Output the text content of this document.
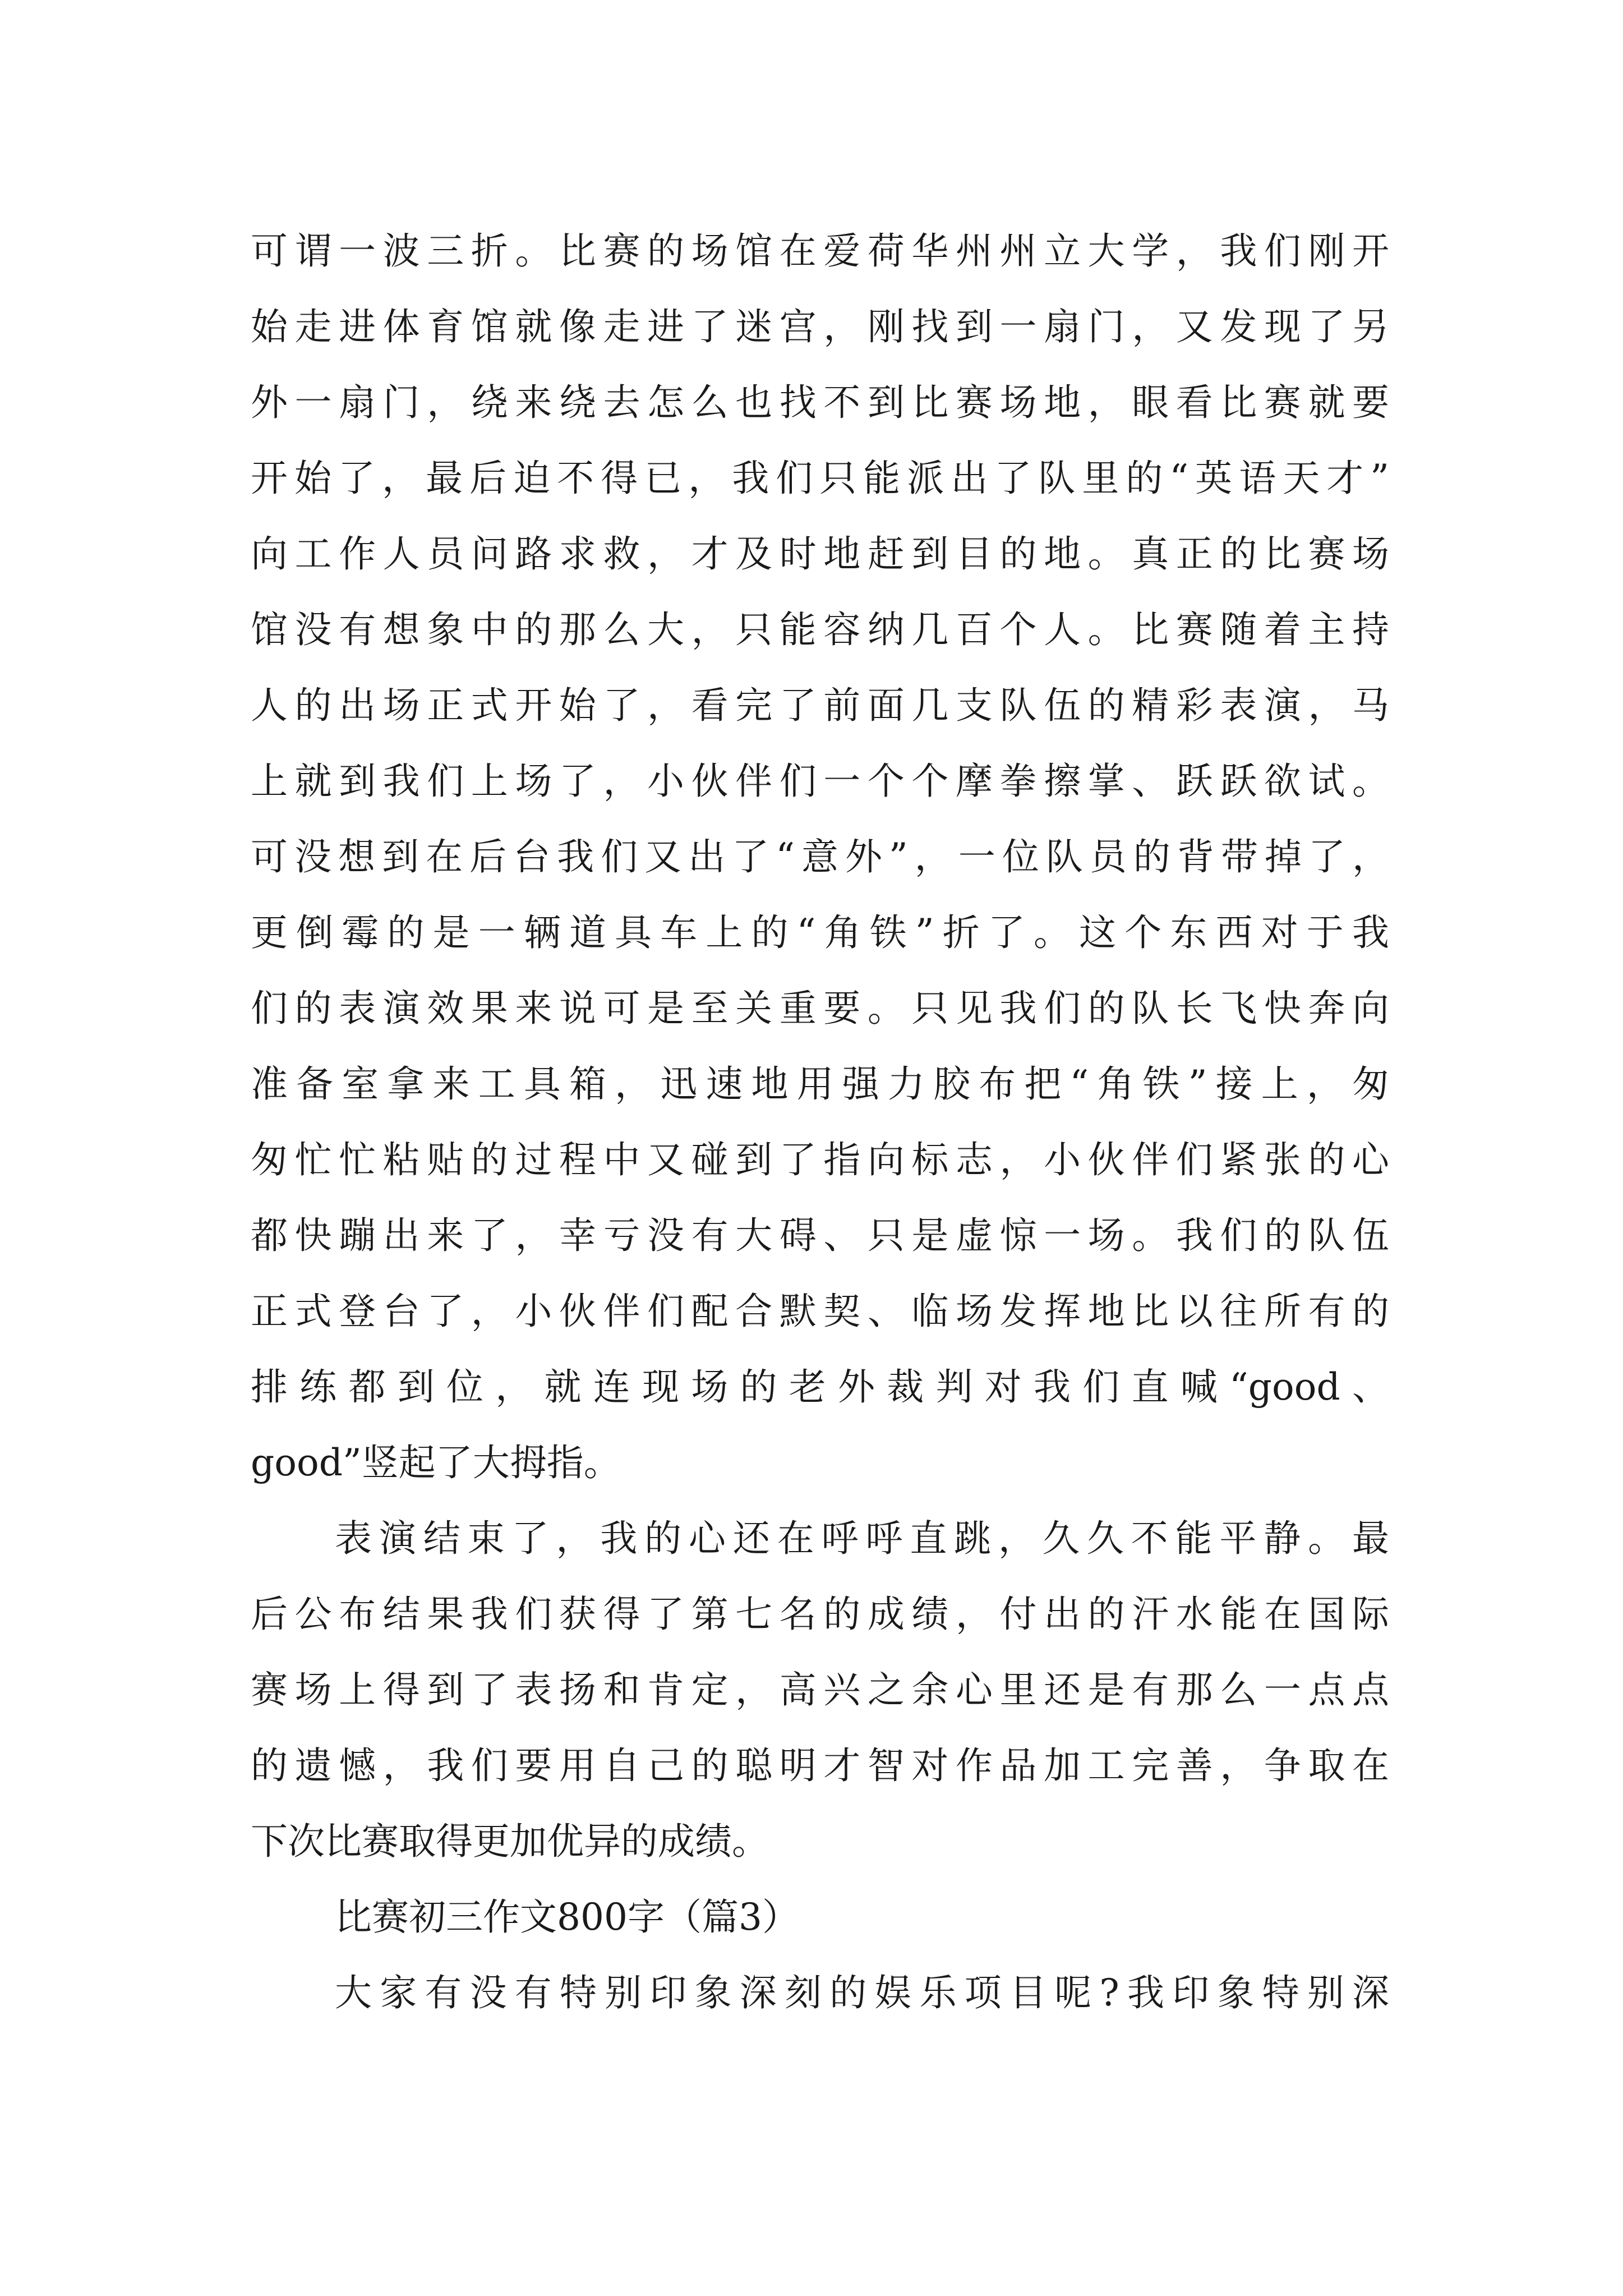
可谓一波三折。比赛的场馆在爱荷华州州立大学，我们刚开
始走进体育馆就像走进了迷宫，刚找到一扇门，又发现了另
外一扇门，绕来绕去怎么也找不到比赛场地，眼看比赛就要
开始了，最后迫不得已，我们只能派出了队里的“英语天才”
向工作人员问路求救，才及时地赶到目的地。真正的比赛场
馆没有想象中的那么大，只能容纳几百个人。比赛随着主持
人的出场正式开始了，看完了前面几支队伍的精彩表演，马
上就到我们上场了，小伙伴们一个个摩拳擦掌、跃跃欲试。
可没想到在后台我们又出了“意外”，一位队员的背带掉了，
更倒霉的是一辆道具车上的“角铁”折了。这个东西对于我
们的表演效果来说可是至关重要。只见我们的队长飞快奔向
准备室拿来工具箱，迅速地用强力胶布把“角铁”接上，匆
匆忙忙粘贴的过程中又碰到了指向标志，小伙伴们紧张的心
都快蹦出来了，幸亏没有大碍、只是虚惊一场。我们的队伍
正式登台了，小伙伴们配合默契、临场发挥地比以往所有的
排练都到位，就连现场的老外裁判对我们直喊“good、
good”竖起了大拇指。
表演结束了，我的心还在呼呼直跳，久久不能平静。最
后公布结果我们获得了第七名的成绩，付出的汗水能在国际
赛场上得到了表扬和肯定，高兴之余心里还是有那么一点点
的遗憾，我们要用自己的聪明才智对作品加工完善，争取在
下次比赛取得更加优异的成绩。
比赛初三作文800字（篇3）
大家有没有特别印象深刻的娱乐项目呢?我印象特别深
